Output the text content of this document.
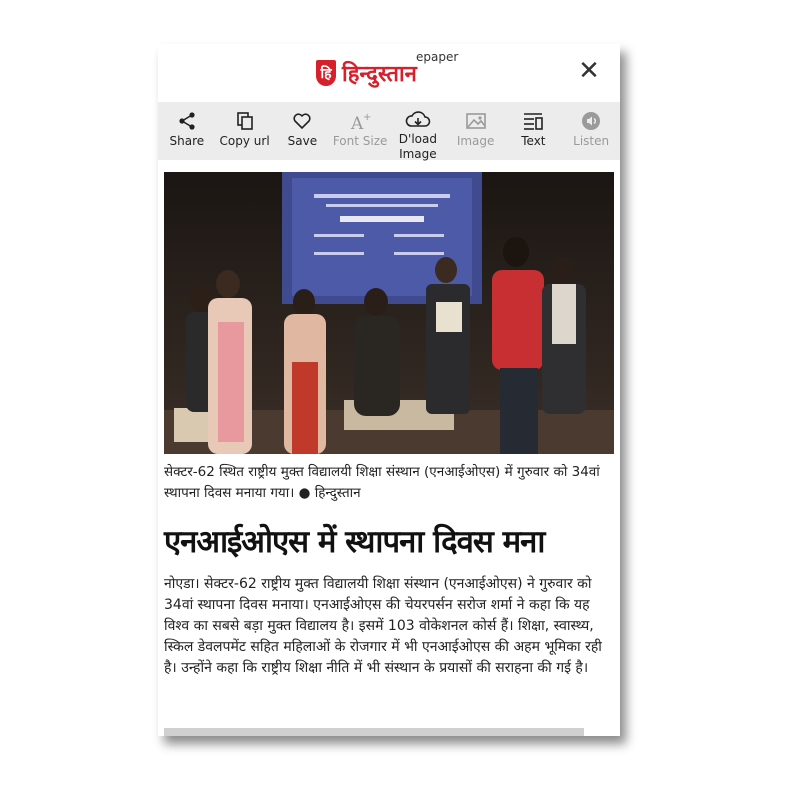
हि हिन्दुस्तान
epaper	✕
Share Copy url Save
A +
Font Size D'load Image
Image Text Listen
सेक्टर-62 स्थित राष्ट्रीय मुक्त विद्यालयी शिक्षा संस्थान (एनआईओएस) में गुरुवार को 34वां स्थापना दिवस मनाया गया। ● हिन्दुस्तान
एनआईओएस में स्थापना दिवस मना
नोएडा। सेक्टर-62 राष्ट्रीय मुक्त विद्यालयी शिक्षा संस्थान (एनआईओएस) ने गुरुवार को 34वां स्थापना दिवस मनाया। एनआईओएस की चेयरपर्सन सरोज शर्मा ने कहा कि यह विश्व का सबसे बड़ा मुक्त विद्यालय है। इसमें 103 वोकेशनल कोर्स हैं। शिक्षा, स्वास्थ्य, स्किल डेवलपमेंट सहित महिलाओं के रोजगार में भी एनआईओएस की अहम भूमिका रही है। उन्होंने कहा कि राष्ट्रीय शिक्षा नीति में भी संस्थान के प्रयासों की सराहना की गई है।
